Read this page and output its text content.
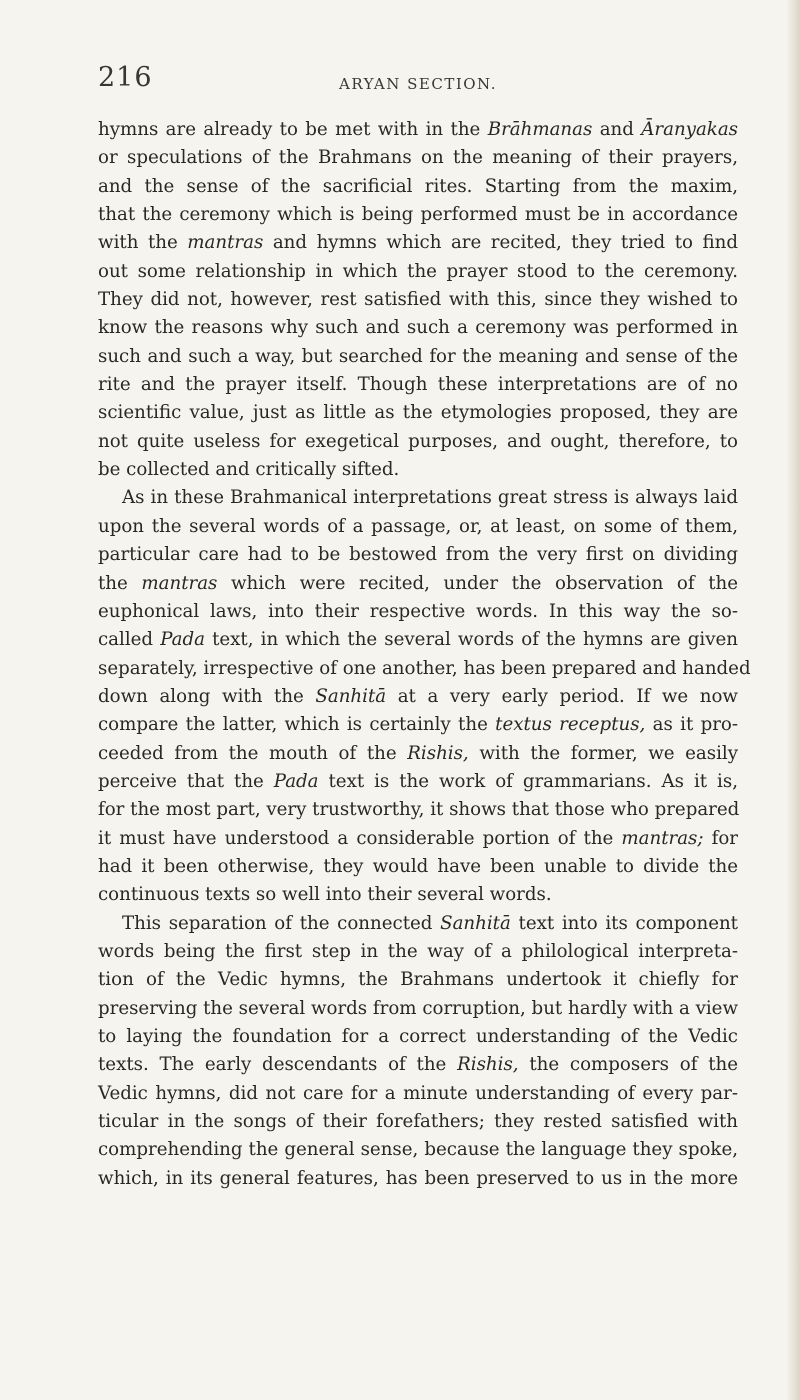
216	ARYAN SECTION.
hymns are already to be met with in the Brāhmanas and Āranyakas
or speculations of the Brahmans on the meaning of their prayers,
and the sense of the sacrificial rites. Starting from the maxim,
that the ceremony which is being performed must be in accordance
with the mantras and hymns which are recited, they tried to find
out some relationship in which the prayer stood to the ceremony.
They did not, however, rest satisfied with this, since they wished to
know the reasons why such and such a ceremony was performed in
such and such a way, but searched for the meaning and sense of the
rite and the prayer itself. Though these interpretations are of no
scientific value, just as little as the etymologies proposed, they are
not quite useless for exegetical purposes, and ought, therefore, to
be collected and critically sifted.
As in these Brahmanical interpretations great stress is always laid
upon the several words of a passage, or, at least, on some of them,
particular care had to be bestowed from the very first on dividing
the mantras which were recited, under the observation of the
euphonical laws, into their respective words. In this way the so-
called Pada text, in which the several words of the hymns are given
separately, irrespective of one another, has been prepared and handed
down along with the Sanhitā at a very early period. If we now
compare the latter, which is certainly the textus receptus, as it pro-
ceeded from the mouth of the Rishis, with the former, we easily
perceive that the Pada text is the work of grammarians. As it is,
for the most part, very trustworthy, it shows that those who prepared
it must have understood a considerable portion of the mantras; for
had it been otherwise, they would have been unable to divide the
continuous texts so well into their several words.
This separation of the connected Sanhitā text into its component
words being the first step in the way of a philological interpreta-
tion of the Vedic hymns, the Brahmans undertook it chiefly for
preserving the several words from corruption, but hardly with a view
to laying the foundation for a correct understanding of the Vedic
texts. The early descendants of the Rishis, the composers of the
Vedic hymns, did not care for a minute understanding of every par-
ticular in the songs of their forefathers; they rested satisfied with
comprehending the general sense, because the language they spoke,
which, in its general features, has been preserved to us in the more
